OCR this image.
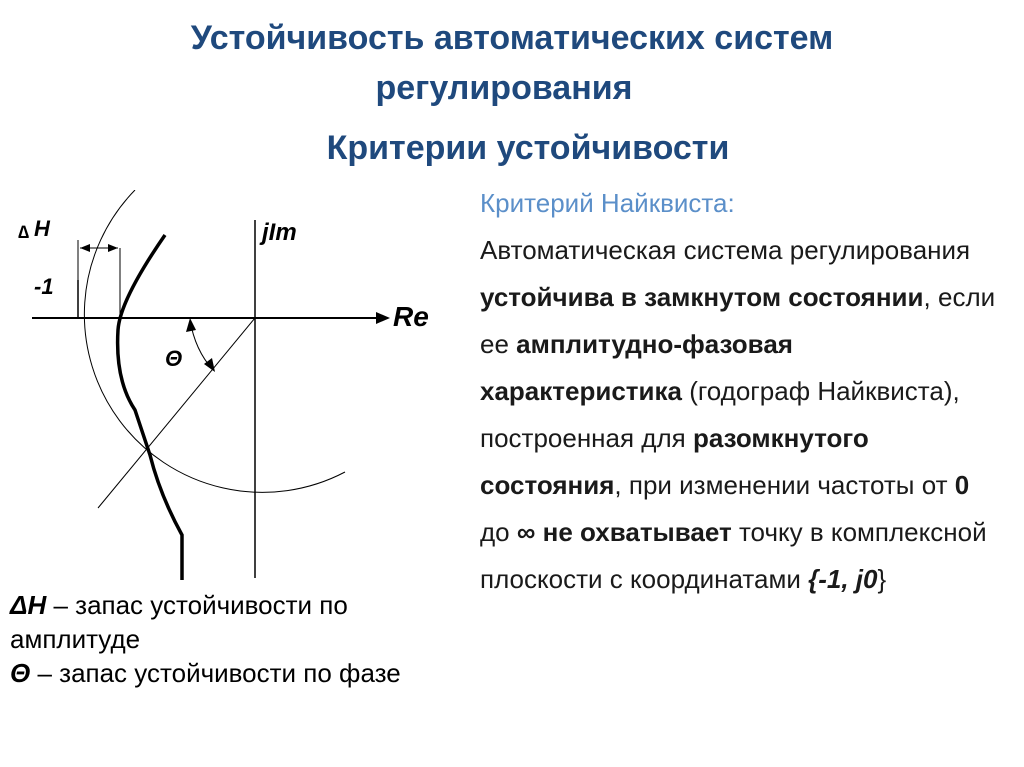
Устойчивость автоматических систем
регулирования
Критерии устойчивости
∆ H	jIm
-1
Re
Θ
ΔH – запас устойчивости по амплитуде
Θ – запас устойчивости по фазе
Критерий Найквиста:
Автоматическая система регулирования устойчива в замкнутом состоянии, если ее амплитудно-фазовая характеристика (годограф Найквиста), построенная для разомкнутого состояния, при изменении частоты от 0 до ∞ не охватывает точку в комплексной плоскости с координатами {-1, j0}
